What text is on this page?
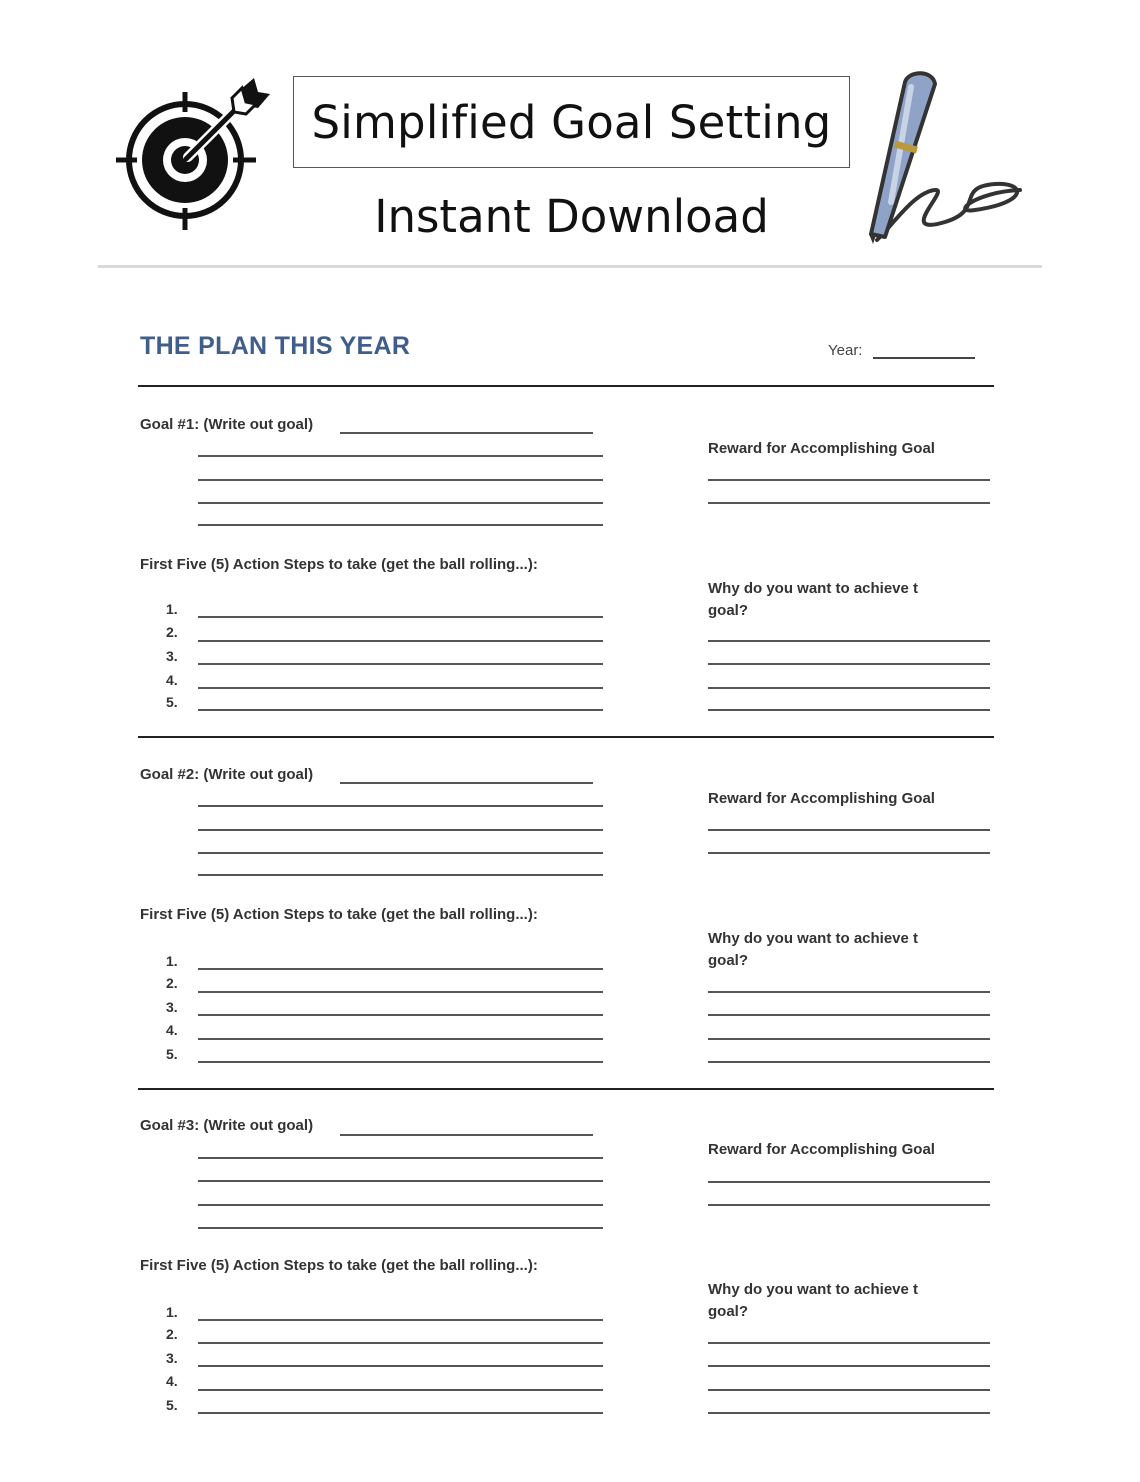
Simplified Goal Setting
Instant Download
THE PLAN THIS YEAR	Year:
Goal #1: (Write out goal)
Reward for Accomplishing Goal
First Five (5) Action Steps to take (get the ball rolling...):
1.
2.
3.
4.
5.
Why do you want to achieve t goal?
Goal #2: (Write out goal)
Reward for Accomplishing Goal
First Five (5) Action Steps to take (get the ball rolling...):
1.
2.
3.
4.
5.
Why do you want to achieve t goal?
Goal #3: (Write out goal)
Reward for Accomplishing Goal
First Five (5) Action Steps to take (get the ball rolling...):
1.
2.
3.
4.
5.
Why do you want to achieve t goal?
